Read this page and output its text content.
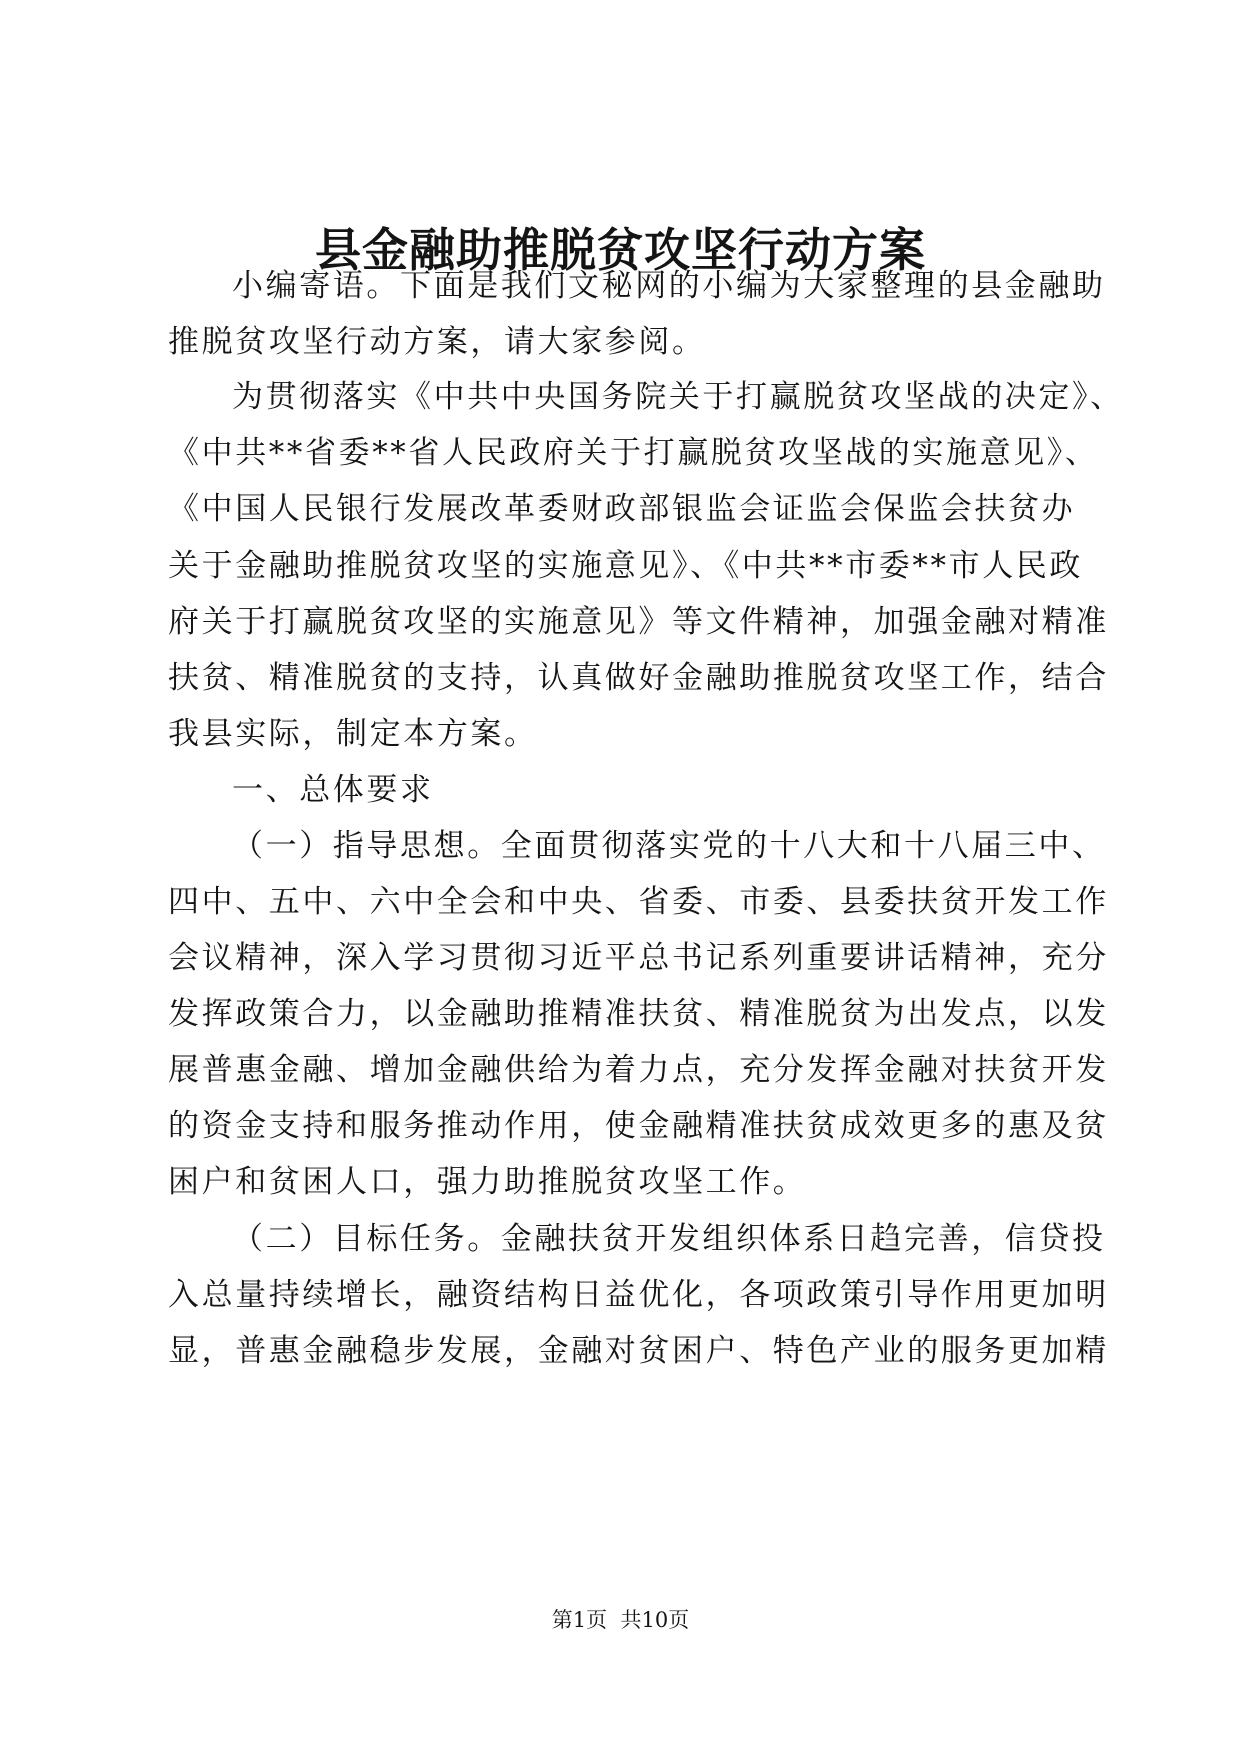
县金融助推脱贫攻坚行动方案
小编寄语。下面是我们文秘网的小编为大家整理的县金融助
推脱贫攻坚行动方案，请大家参阅。
为贯彻落实《中共中央国务院关于打赢脱贫攻坚战的决定》、
《中共**省委**省人民政府关于打赢脱贫攻坚战的实施意见》、
《中国人民银行发展改革委财政部银监会证监会保监会扶贫办
关于金融助推脱贫攻坚的实施意见》、《中共**市委**市人民政
府关于打赢脱贫攻坚的实施意见》等文件精神，加强金融对精准
扶贫、精准脱贫的支持，认真做好金融助推脱贫攻坚工作，结合
我县实际，制定本方案。
一、总体要求
（一）指导思想。全面贯彻落实党的十八大和十八届三中、
四中、五中、六中全会和中央、省委、市委、县委扶贫开发工作
会议精神，深入学习贯彻习近平总书记系列重要讲话精神，充分
发挥政策合力，以金融助推精准扶贫、精准脱贫为出发点，以发
展普惠金融、增加金融供给为着力点，充分发挥金融对扶贫开发
的资金支持和服务推动作用，使金融精准扶贫成效更多的惠及贫
困户和贫困人口，强力助推脱贫攻坚工作。
（二）目标任务。金融扶贫开发组织体系日趋完善，信贷投
入总量持续增长，融资结构日益优化，各项政策引导作用更加明
显，普惠金融稳步发展，金融对贫困户、特色产业的服务更加精
第1页  共10页
